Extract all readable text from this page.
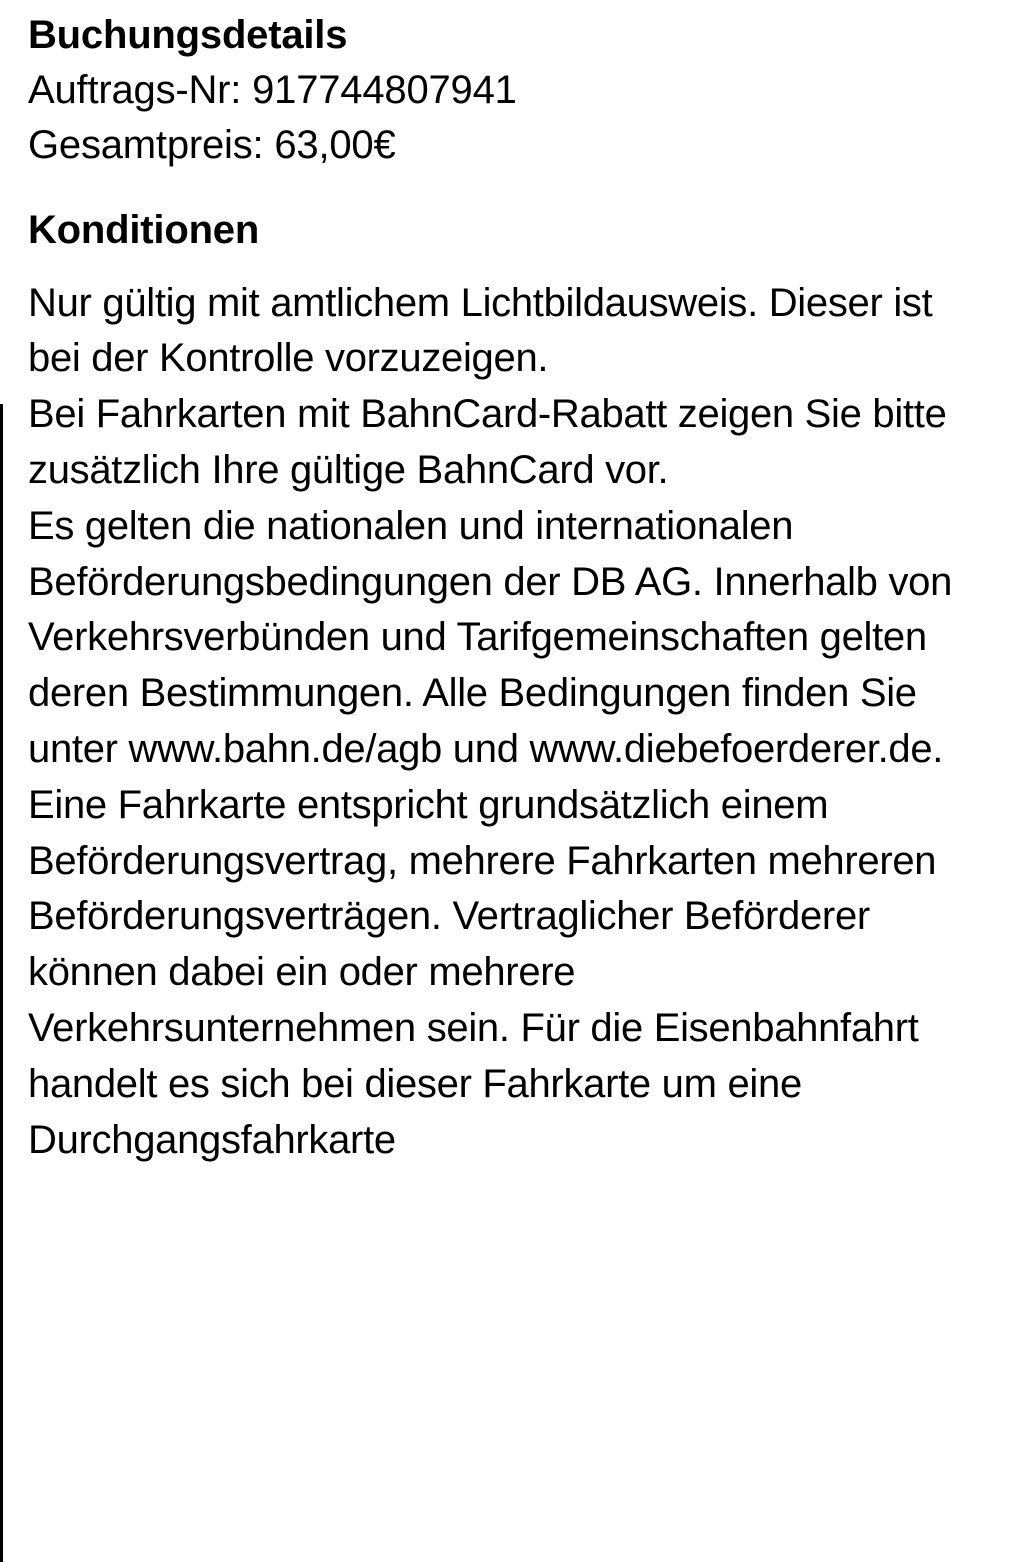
Buchungsdetails

Auftrags-Nr: 917744807941

Gesamtpreis: 63,00€

Konditionen

Nur gültig mit amtlichem Lichtbildausweis. Dieser ist bei der Kontrolle vorzuzeigen.

Bei Fahrkarten mit BahnCard-Rabatt zeigen Sie bitte zusätzlich Ihre gültige BahnCard vor.

Es gelten die nationalen und internationalen Beförderungsbedingungen der DB AG. Innerhalb von Verkehrsverbünden und Tarifgemeinschaften gelten deren Bestimmungen. Alle Bedingungen finden Sie unter www.bahn.de/agb und www.diebefoerderer.de.

Eine Fahrkarte entspricht grundsätzlich einem Beförderungsvertrag, mehrere Fahrkarten mehreren Beförderungsverträgen. Vertraglicher Beförderer können dabei ein oder mehrere Verkehrsunternehmen sein. Für die Eisenbahnfahrt handelt es sich bei dieser Fahrkarte um eine Durchgangsfahrkarte
